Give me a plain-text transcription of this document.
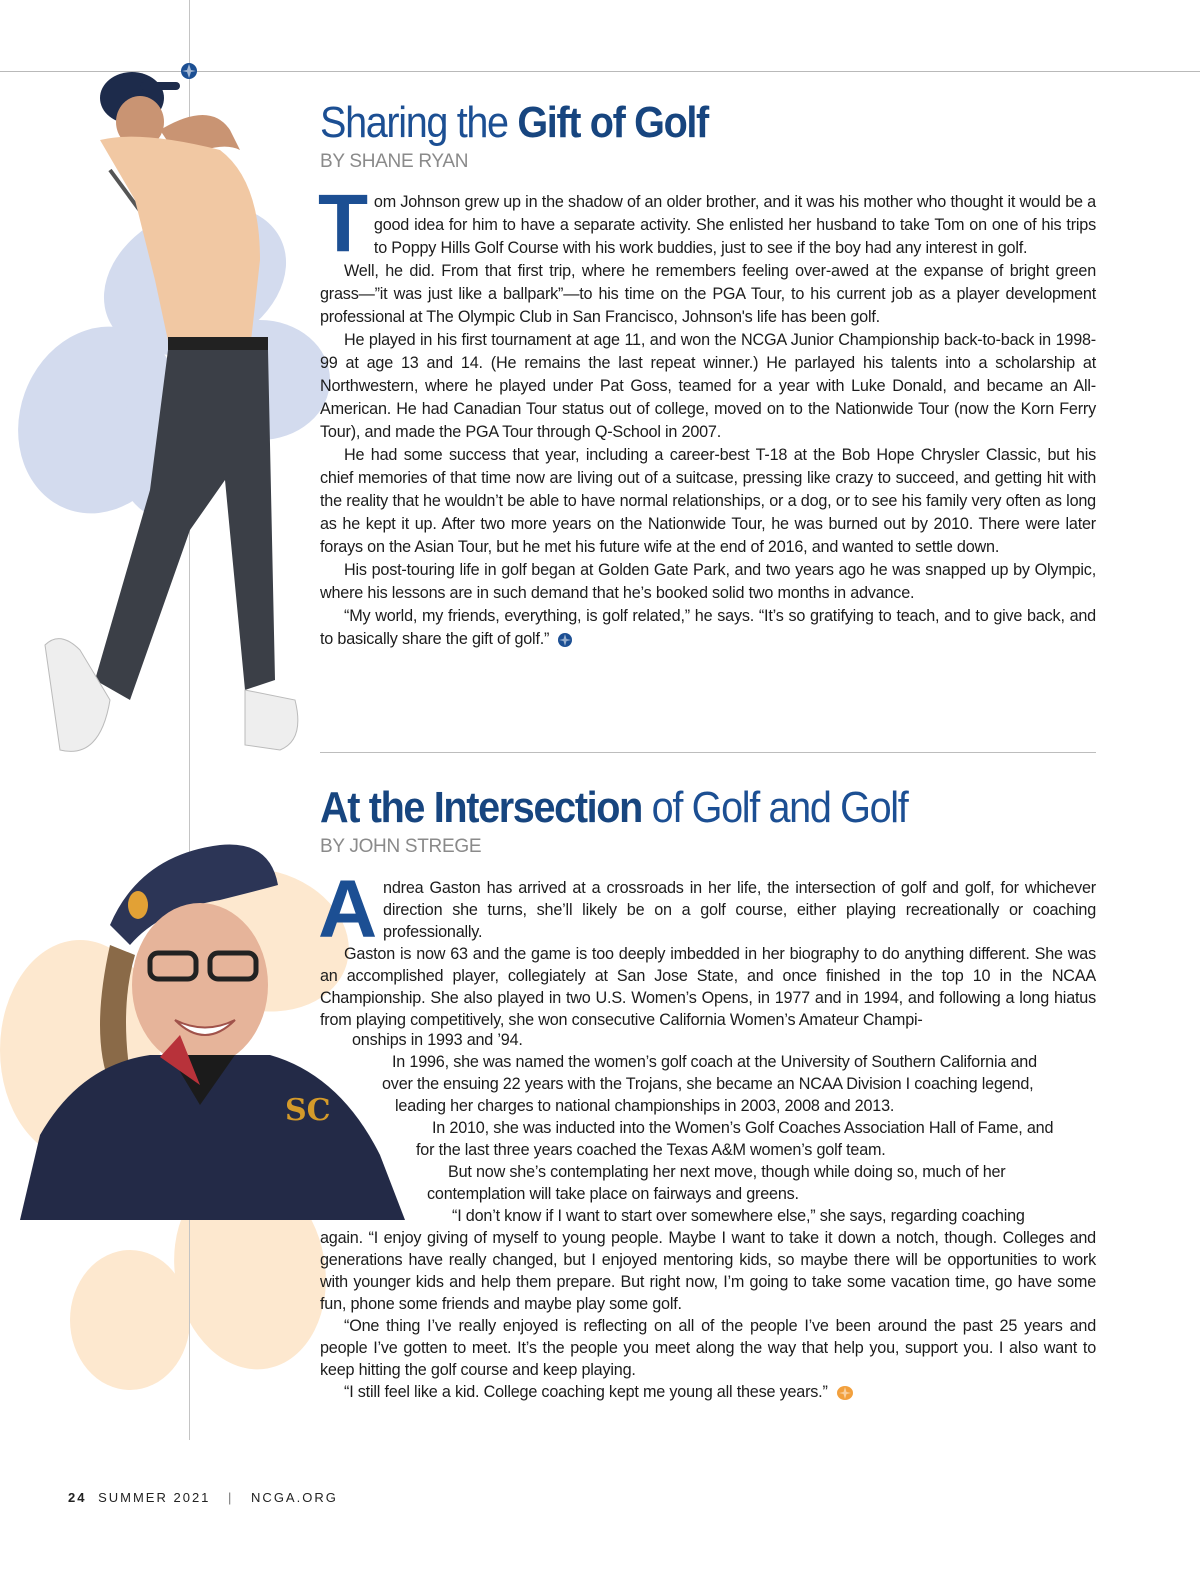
Sharing the Gift of Golf
BY SHANE RYAN

Tom Johnson grew up in the shadow of an older brother, and it was his mother who thought it would be a good idea for him to have a separate activity. She enlisted her husband to take Tom on one of his trips to Poppy Hills Golf Course with his work buddies, just to see if the boy had any interest in golf.

Well, he did. From that first trip, where he remembers feeling over-awed at the expanse of bright green grass—”it was just like a ballpark”—to his time on the PGA Tour, to his current job as a player development professional at The Olympic Club in San Francisco, Johnson's life has been golf.

He played in his first tournament at age 11, and won the NCGA Junior Championship back-to-back in 1998-99 at age 13 and 14. (He remains the last repeat winner.) He parlayed his talents into a scholarship at Northwestern, where he played under Pat Goss, teamed for a year with Luke Donald, and became an All-American. He had Canadian Tour status out of college, moved on to the Nationwide Tour (now the Korn Ferry Tour), and made the PGA Tour through Q-School in 2007.

He had some success that year, including a career-best T-18 at the Bob Hope Chrysler Classic, but his chief memories of that time now are living out of a suitcase, pressing like crazy to succeed, and getting hit with the reality that he wouldn’t be able to have normal relationships, or a dog, or to see his family very often as long as he kept it up. After two more years on the Nationwide Tour, he was burned out by 2010. There were later forays on the Asian Tour, but he met his future wife at the end of 2016, and wanted to settle down.

His post-touring life in golf began at Golden Gate Park, and two years ago he was snapped up by Olympic, where his lessons are in such demand that he’s booked solid two months in advance.

“My world, my friends, everything, is golf related,” he says. “It’s so gratifying to teach, and to give back, and to basically share the gift of golf.”

At the Intersection of Golf and Golf
BY JOHN STREGE
SC

Andrea Gaston has arrived at a crossroads in her life, the intersection of golf and golf, for whichever direction she turns, she’ll likely be on a golf course, either playing recreationally or coaching professionally.

Gaston is now 63 and the game is too deeply imbedded in her biography to do anything different. She was an accomplished player, collegiately at San Jose State, and once finished in the top 10 in the NCAA Championship. She also played in two U.S. Women’s Opens, in 1977 and in 1994, and following a long hiatus from playing competitively, she won consecutive California Women’s Amateur Champi-

onships in 1993 and ’94.
In 1996, she was named the women’s golf coach at the University of Southern California and
over the ensuing 22 years with the Trojans, she became an NCAA Division I coaching legend,
leading her charges to national championships in 2003, 2008 and 2013.
In 2010, she was inducted into the Women’s Golf Coaches Association Hall of Fame, and
for the last three years coached the Texas A&M women’s golf team.
But now she’s contemplating her next move, though while doing so, much of her
contemplation will take place on fairways and greens.
“I don’t know if I want to start over somewhere else,” she says, regarding coaching

again. “I enjoy giving of myself to young people. Maybe I want to take it down a notch, though. Colleges and generations have really changed, but I enjoyed mentoring kids, so maybe there will be opportunities to work with younger kids and help them prepare. But right now, I’m going to take some vacation time, go have some fun, phone some friends and maybe play some golf.

“One thing I’ve really enjoyed is reflecting on all of the people I’ve been around the past 25 years and people I’ve gotten to meet. It’s the people you meet along the way that help you, support you. I also want to keep hitting the golf course and keep playing.

“I still feel like a kid. College coaching kept me young all these years.”

24 SUMMER 2021 | NCGA.ORG
